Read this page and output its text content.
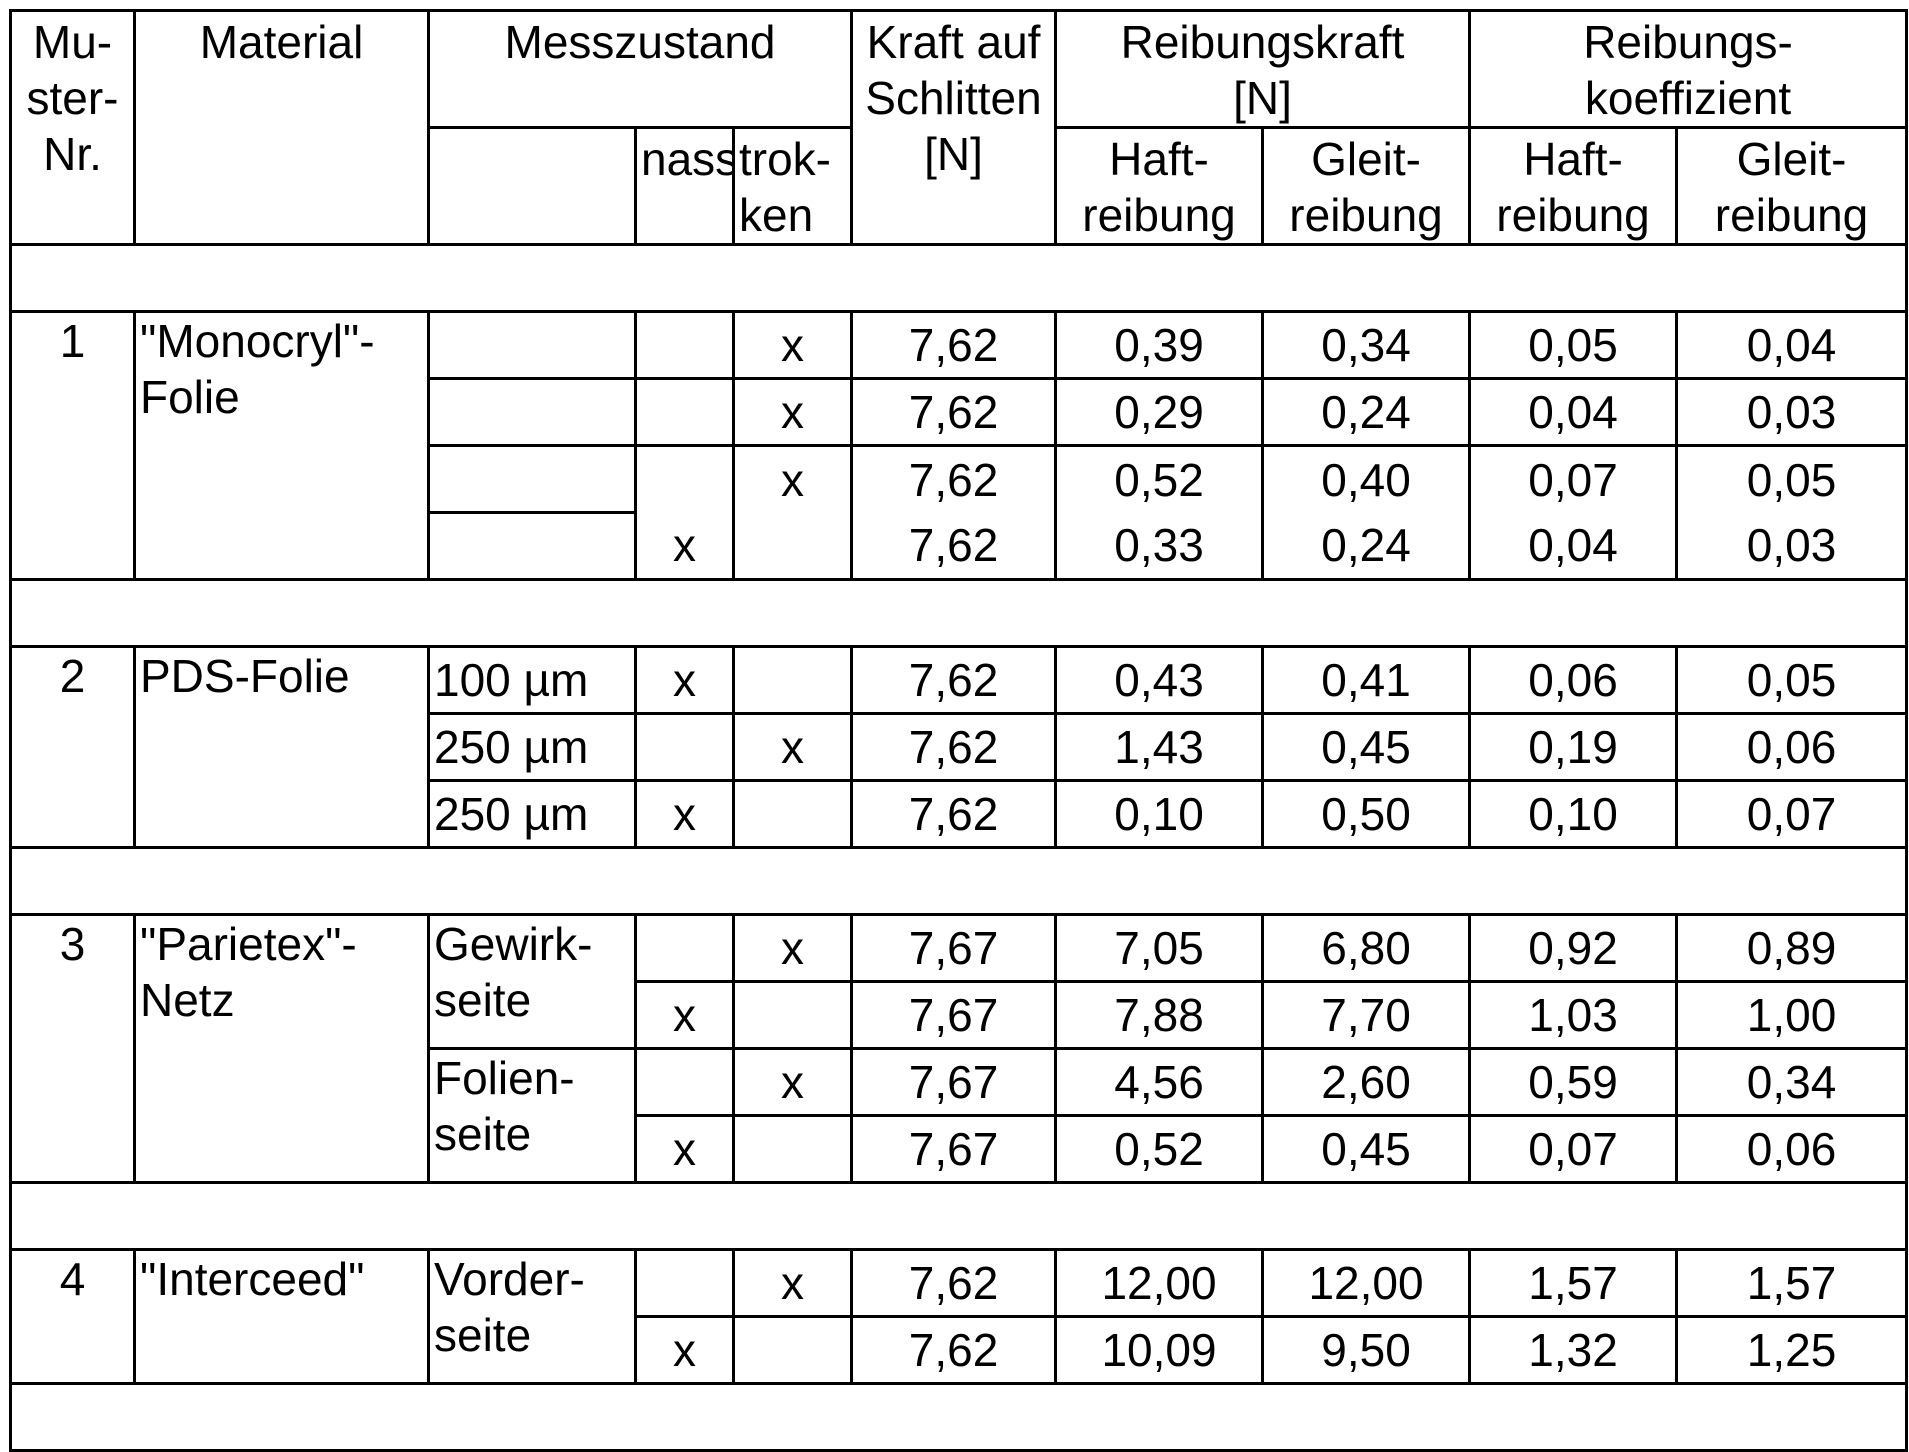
Mu-
ster-
Nr.	Material	Messzustand	Kraft auf
Schlitten
[N]	Reibungskraft
[N]	Reibungs-
koeffizient
	nass	trok-
ken	Haft-
reibung	Gleit-
reibung	Haft-
reibung	Gleit-
reibung

1	"Monocryl"-
Folie			x	7,62	0,39	0,34	0,05	0,04
		x	7,62	0,29	0,24	0,04	0,03
		x	7,62	0,52	0,40	0,07	0,05
	x		7,62	0,33	0,24	0,04	0,03

2	PDS-Folie	100 µm	x		7,62	0,43	0,41	0,06	0,05
250 µm		x	7,62	1,43	0,45	0,19	0,06
250 µm	x		7,62	0,10	0,50	0,10	0,07

3	"Parietex"-
Netz	Gewirk-
seite		x	7,67	7,05	6,80	0,92	0,89
x		7,67	7,88	7,70	1,03	1,00
Folien-
seite		x	7,67	4,56	2,60	0,59	0,34
x		7,67	0,52	0,45	0,07	0,06

4	"Interceed"	Vorder-
seite		x	7,62	12,00	12,00	1,57	1,57
x		7,62	10,09	9,50	1,32	1,25
